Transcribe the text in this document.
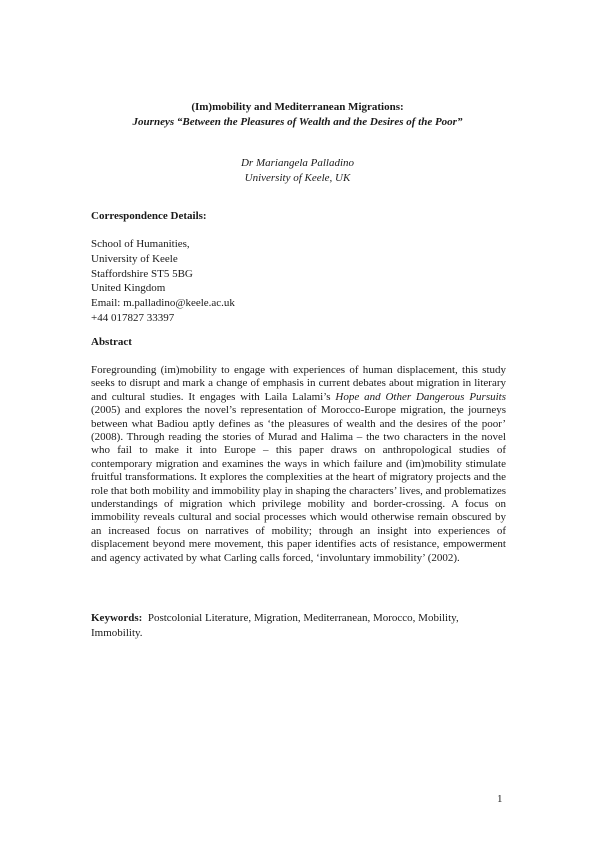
(Im)mobility and Mediterranean Migrations:
Journeys “Between the Pleasures of Wealth and the Desires of the Poor”
Dr Mariangela Palladino
University of Keele, UK
Correspondence Details:
School of Humanities,
University of Keele
Staffordshire ST5 5BG
United Kingdom
Email: m.palladino@keele.ac.uk
+44 017827 33397
Abstract
Foregrounding (im)mobility to engage with experiences of human displacement, this study seeks to disrupt and mark a change of emphasis in current debates about migration in literary and cultural studies. It engages with Laila Lalami’s Hope and Other Dangerous Pursuits (2005) and explores the novel’s representation of Morocco-Europe migration, the journeys between what Badiou aptly defines as ‘the pleasures of wealth and the desires of the poor’ (2008). Through reading the stories of Murad and Halima – the two characters in the novel who fail to make it into Europe – this paper draws on anthropological studies of contemporary migration and examines the ways in which failure and (im)mobility stimulate fruitful transformations. It explores the complexities at the heart of migratory projects and the role that both mobility and immobility play in shaping the characters’ lives, and problematizes understandings of migration which privilege mobility and border-crossing. A focus on immobility reveals cultural and social processes which would otherwise remain obscured by an increased focus on narratives of mobility; through an insight into experiences of displacement beyond mere movement, this paper identifies acts of resistance, empowerment and agency activated by what Carling calls forced, ‘involuntary immobility’ (2002).
Keywords: Postcolonial Literature, Migration, Mediterranean, Morocco, Mobility, Immobility.
1
